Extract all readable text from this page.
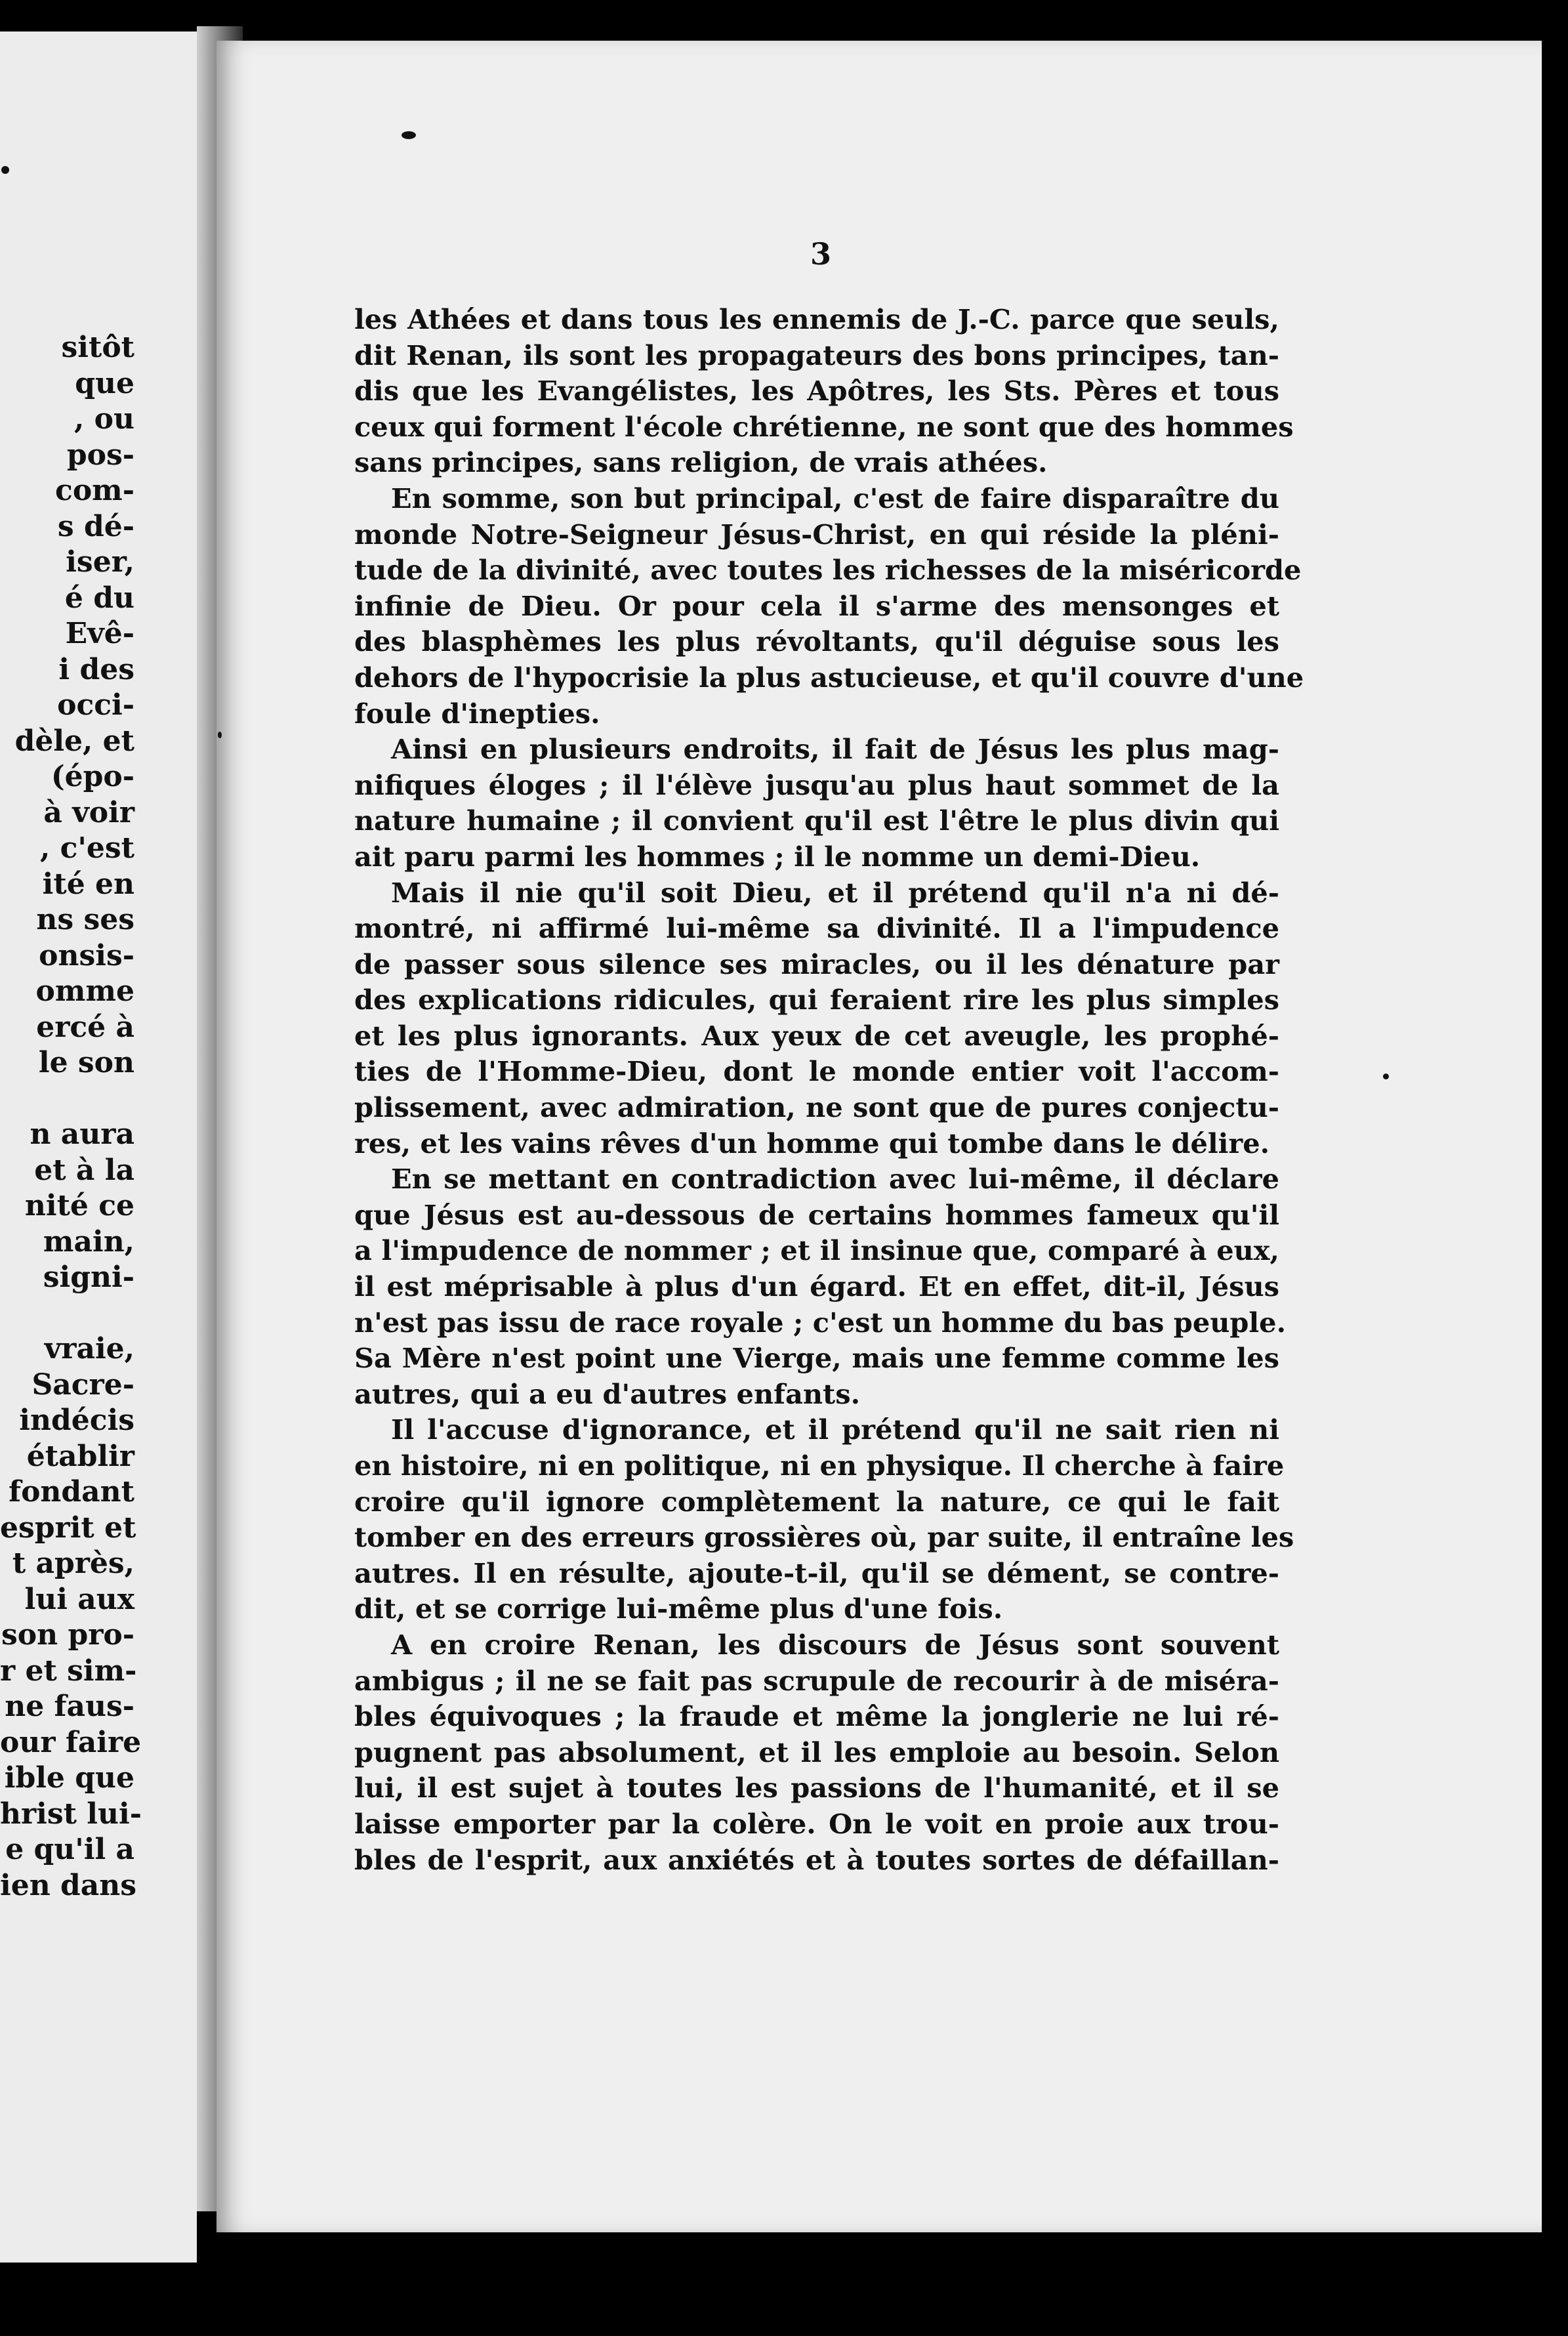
sitôt
que
, ou
pos-
com-
s dé-
iser,
é du
Evê-
i des
occi-
dèle, et
(épo-
à voir
, c'est
ité en
ns ses
onsis-
omme
ercé à
le son

n aura
et à la
nité ce
main,
signi-

vraie,
Sacre-
indécis
établir
fondant
esprit et
t après,
lui aux
son pro-
r et sim-
ne faus-
our faire
ible que
hrist lui-
e qu'il a
ien dans
3
les Athées et dans tous les ennemis de J.-C. parce que seuls,
dit Renan, ils sont les propagateurs des bons principes, tan-
dis que les Evangélistes, les Apôtres, les Sts. Pères et tous
ceux qui forment l'école chrétienne, ne sont que des hommes
sans principes, sans religion, de vrais athées.
En somme, son but principal, c'est de faire disparaître du
monde Notre-Seigneur Jésus-Christ, en qui réside la pléni-
tude de la divinité, avec toutes les richesses de la miséricorde
infinie de Dieu. Or pour cela il s'arme des mensonges et
des blasphèmes les plus révoltants, qu'il déguise sous les
dehors de l'hypocrisie la plus astucieuse, et qu'il couvre d'une
foule d'inepties.
Ainsi en plusieurs endroits, il fait de Jésus les plus mag-
nifiques éloges ; il l'élève jusqu'au plus haut sommet de la
nature humaine ; il convient qu'il est l'être le plus divin qui
ait paru parmi les hommes ; il le nomme un demi-Dieu.
Mais il nie qu'il soit Dieu, et il prétend qu'il n'a ni dé-
montré, ni affirmé lui-même sa divinité. Il a l'impudence
de passer sous silence ses miracles, ou il les dénature par
des explications ridicules, qui feraient rire les plus simples
et les plus ignorants. Aux yeux de cet aveugle, les prophé-
ties de l'Homme-Dieu, dont le monde entier voit l'accom-
plissement, avec admiration, ne sont que de pures conjectu-
res, et les vains rêves d'un homme qui tombe dans le délire.
En se mettant en contradiction avec lui-même, il déclare
que Jésus est au-dessous de certains hommes fameux qu'il
a l'impudence de nommer ; et il insinue que, comparé à eux,
il est méprisable à plus d'un égard. Et en effet, dit-il, Jésus
n'est pas issu de race royale ; c'est un homme du bas peuple.
Sa Mère n'est point une Vierge, mais une femme comme les
autres, qui a eu d'autres enfants.
Il l'accuse d'ignorance, et il prétend qu'il ne sait rien ni
en histoire, ni en politique, ni en physique. Il cherche à faire
croire qu'il ignore complètement la nature, ce qui le fait
tomber en des erreurs grossières où, par suite, il entraîne les
autres. Il en résulte, ajoute-t-il, qu'il se dément, se contre-
dit, et se corrige lui-même plus d'une fois.
A en croire Renan, les discours de Jésus sont souvent
ambigus ; il ne se fait pas scrupule de recourir à de miséra-
bles équivoques ; la fraude et même la jonglerie ne lui ré-
pugnent pas absolument, et il les emploie au besoin. Selon
lui, il est sujet à toutes les passions de l'humanité, et il se
laisse emporter par la colère. On le voit en proie aux trou-
bles de l'esprit, aux anxiétés et à toutes sortes de défaillan-
